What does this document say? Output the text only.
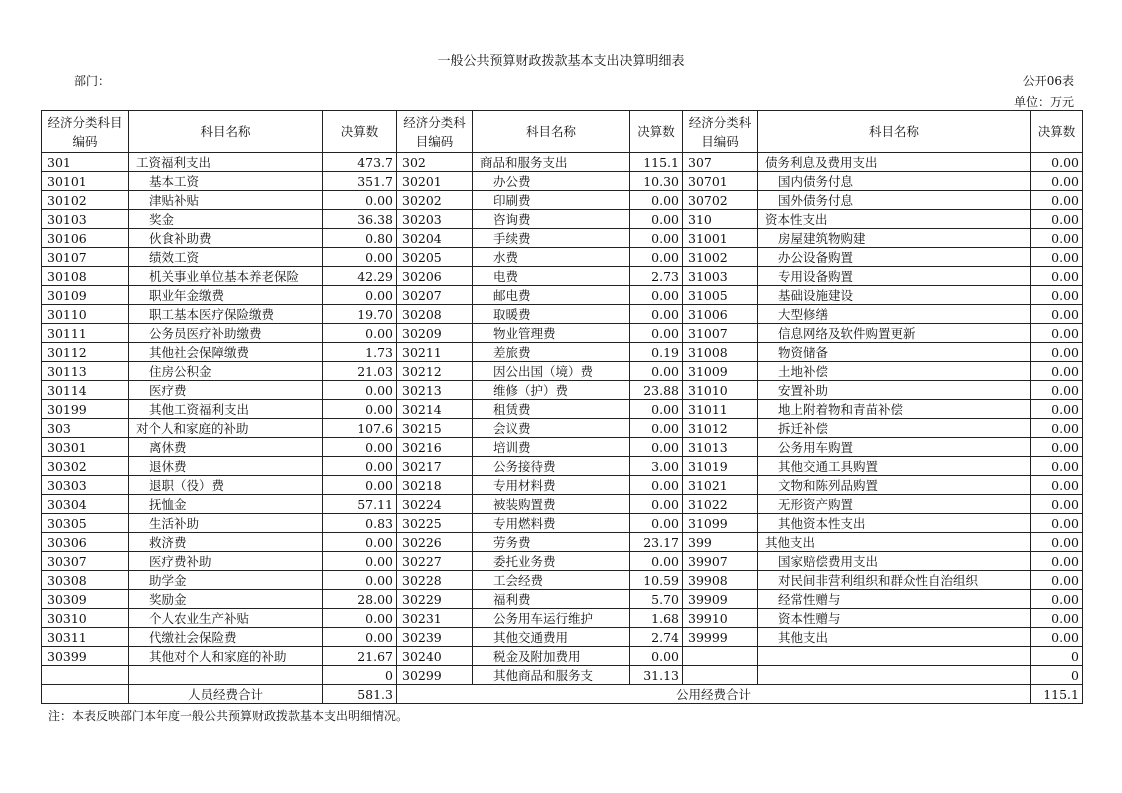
一般公共预算财政拨款基本支出决算明细表
部门：	公开06表
单位：万元
经济分类科目编码	科目名称	决算数	经济分类科目编码	科目名称	决算数	经济分类科目编码	科目名称	决算数
301	工资福利支出	473.7	302	商品和服务支出	115.1	307	债务利息及费用支出	0.00
30101	基本工资	351.7	30201	办公费	10.30	30701	国内债务付息	0.00
30102	津贴补贴	0.00	30202	印刷费	0.00	30702	国外债务付息	0.00
30103	奖金	36.38	30203	咨询费	0.00	310	资本性支出	0.00
30106	伙食补助费	0.80	30204	手续费	0.00	31001	房屋建筑物购建	0.00
30107	绩效工资	0.00	30205	水费	0.00	31002	办公设备购置	0.00
30108	机关事业单位基本养老保险	42.29	30206	电费	2.73	31003	专用设备购置	0.00
30109	职业年金缴费	0.00	30207	邮电费	0.00	31005	基础设施建设	0.00
30110	职工基本医疗保险缴费	19.70	30208	取暖费	0.00	31006	大型修缮	0.00
30111	公务员医疗补助缴费	0.00	30209	物业管理费	0.00	31007	信息网络及软件购置更新	0.00
30112	其他社会保障缴费	1.73	30211	差旅费	0.19	31008	物资储备	0.00
30113	住房公积金	21.03	30212	因公出国（境）费	0.00	31009	土地补偿	0.00
30114	医疗费	0.00	30213	维修（护）费	23.88	31010	安置补助	0.00
30199	其他工资福利支出	0.00	30214	租赁费	0.00	31011	地上附着物和青苗补偿	0.00
303	对个人和家庭的补助	107.6	30215	会议费	0.00	31012	拆迁补偿	0.00
30301	离休费	0.00	30216	培训费	0.00	31013	公务用车购置	0.00
30302	退休费	0.00	30217	公务接待费	3.00	31019	其他交通工具购置	0.00
30303	退职（役）费	0.00	30218	专用材料费	0.00	31021	文物和陈列品购置	0.00
30304	抚恤金	57.11	30224	被装购置费	0.00	31022	无形资产购置	0.00
30305	生活补助	0.83	30225	专用燃料费	0.00	31099	其他资本性支出	0.00
30306	救济费	0.00	30226	劳务费	23.17	399	其他支出	0.00
30307	医疗费补助	0.00	30227	委托业务费	0.00	39907	国家赔偿费用支出	0.00
30308	助学金	0.00	30228	工会经费	10.59	39908	对民间非营利组织和群众性自治组织	0.00
30309	奖励金	28.00	30229	福利费	5.70	39909	经常性赠与	0.00
30310	个人农业生产补贴	0.00	30231	公务用车运行维护	1.68	39910	资本性赠与	0.00
30311	代缴社会保险费	0.00	30239	其他交通费用	2.74	39999	其他支出	0.00
30399	其他对个人和家庭的补助	21.67	30240	税金及附加费用	0.00			0
		0	30299	其他商品和服务支	31.13			0
	人员经费合计	581.3	公用经费合计					115.1
注：本表反映部门本年度一般公共预算财政拨款基本支出明细情况。
